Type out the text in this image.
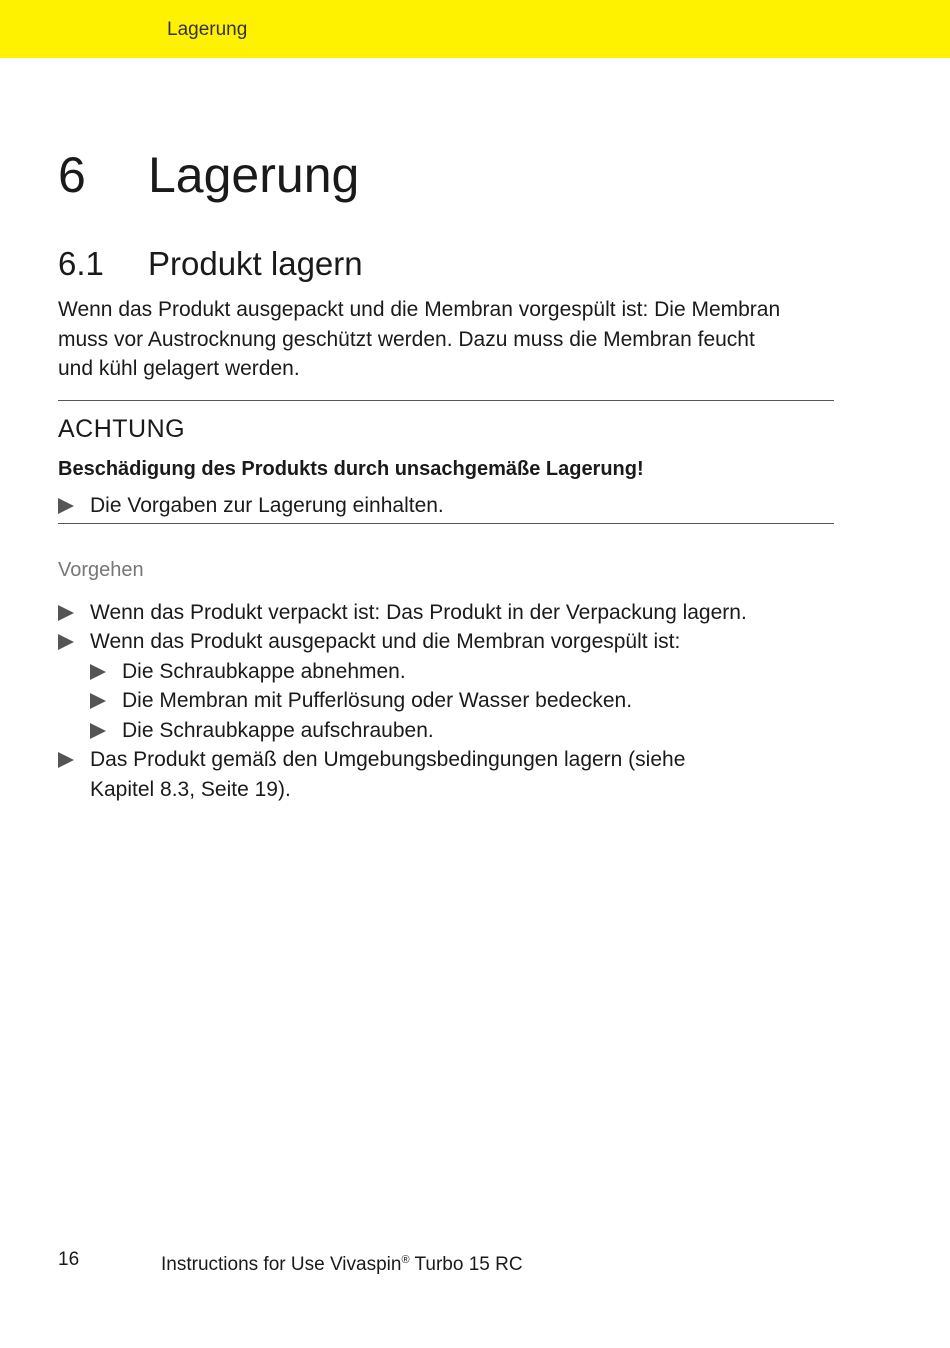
Lagerung
6 Lagerung
6.1 Produkt lagern
Wenn das Produkt ausgepackt und die Membran vorgespült ist: Die Membran
muss vor Austrocknung geschützt werden. Dazu muss die Membran feucht
und kühl gelagert werden.
ACHTUNG
Beschädigung des Produkts durch unsachgemäße Lagerung!
Die Vorgaben zur Lagerung einhalten.
Vorgehen
Wenn das Produkt verpackt ist: Das Produkt in der Verpackung lagern.
Wenn das Produkt ausgepackt und die Membran vorgespült ist:
Die Schraubkappe abnehmen.
Die Membran mit Pufferlösung oder Wasser bedecken.
Die Schraubkappe aufschrauben.
Das Produkt gemäß den Umgebungsbedingungen lagern (siehe
Kapitel 8.3, Seite 19).
16	Instructions for Use Vivaspin® Turbo 15 RC
